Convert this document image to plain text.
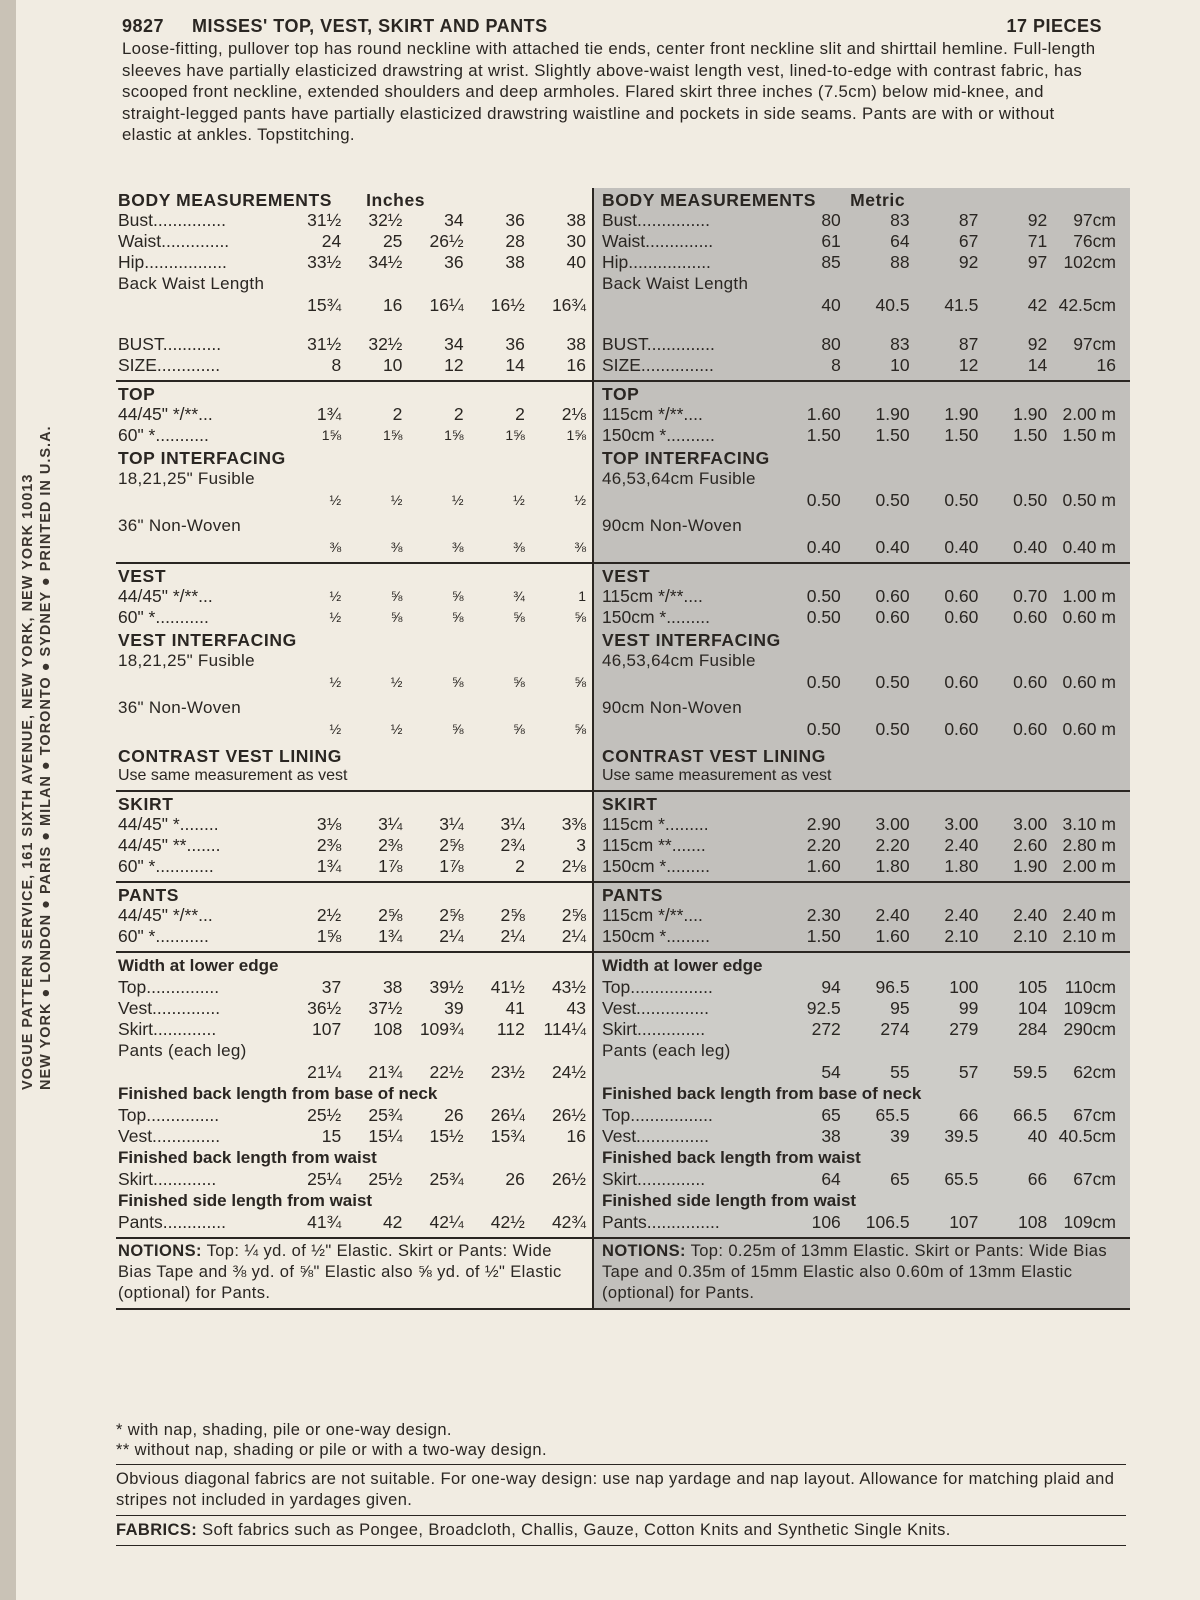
VOGUE PATTERN SERVICE, 161 SIXTH AVENUE, NEW YORK, NEW YORK 10013 NEW YORK ● LONDON ● PARIS ● MILAN ● TORONTO ● SYDNEY ● PRINTED IN U.S.A.
9827 MISSES' TOP, VEST, SKIRT AND PANTS	17 PIECES
Loose-fitting, pullover top has round neckline with attached tie ends, center front neckline slit and shirttail hemline. Full-length sleeves have partially elasticized drawstring at wrist. Slightly above-waist length vest, lined-to-edge with contrast fabric, has scooped front neckline, extended shoulders and deep armholes. Flared skirt three inches (7.5cm) below mid-knee, and straight-legged pants have partially elasticized drawstring waistline and pockets in side seams. Pants are with or without elastic at ankles. Topstitching.
BODY MEASUREMENTS Inches
Bust...............	31½	32½	34	36	38
Waist..............	24	25	26½	28	30
Hip.................	33½	34½	36	38	40
Back Waist Length
15¾	16	16¼	16½	16¾
BUST............	31½	32½	34	36	38
SIZE.............	8	10	12	14	16
BODY MEASUREMENTS Metric
Bust...............	80	83	87	92	97cm
Waist..............	61	64	67	71	76cm
Hip.................	85	88	92	97 102cm
Back Waist Length
40	40.5	41.5	42 42.5cm
BUST..............	80	83	87	92	97cm
SIZE...............	8	10	12	14	16
TOP
44/45" */**...	1¾	2	2	2	2⅛
60" *...........	1⅝	1⅝	1⅝	1⅝	1⅝
TOP INTERFACING
18,21,25" Fusible
½	½	½	½	½
36" Non-Woven
⅜	⅜	⅜	⅜	⅜
TOP
115cm */**....	1.60	1.90	1.90	1.90 2.00 m
150cm *..........	1.50	1.50	1.50	1.50 1.50 m
TOP INTERFACING
46,53,64cm Fusible
0.50	0.50	0.50	0.50 0.50 m
90cm Non-Woven
0.40	0.40	0.40	0.40 0.40 m
VEST
44/45" */**...	½	⅝	⅝	¾	1
60" *...........	½	⅝	⅝	⅝	⅝
VEST INTERFACING
18,21,25" Fusible
½	½	⅝	⅝	⅝
36" Non-Woven
½	½	⅝	⅝	⅝
CONTRAST VEST LINING
Use same measurement as vest
VEST
115cm */**....	0.50	0.60	0.60	0.70 1.00 m
150cm *.........	0.50	0.60	0.60	0.60 0.60 m
VEST INTERFACING
46,53,64cm Fusible
0.50	0.50	0.60	0.60 0.60 m
90cm Non-Woven
0.50	0.50	0.60	0.60 0.60 m
CONTRAST VEST LINING
Use same measurement as vest
SKIRT
44/45" *........	3⅛	3¼	3¼	3¼	3⅜
44/45" **.......	2⅜	2⅜	2⅝	2¾	3
60" *............	1¾	1⅞	1⅞	2	2⅛
SKIRT
115cm *.........	2.90	3.00	3.00	3.00 3.10 m
115cm **.......	2.20	2.20	2.40	2.60 2.80 m
150cm *.........	1.60	1.80	1.80	1.90 2.00 m
PANTS
44/45" */**...	2½	2⅝	2⅝	2⅝	2⅝
60" *...........	1⅝	1¾	2¼	2¼	2¼
PANTS
115cm */**....	2.30	2.40	2.40	2.40 2.40 m
150cm *.........	1.50	1.60	2.10	2.10 2.10 m
Width at lower edge
Top...............	37	38	39½	41½	43½
Vest..............	36½	37½	39	41	43
Skirt.............	107	108 109¾	112	114¼
Pants (each leg)
21¼	21¾	22½	23½	24½
Finished back length from base of neck
Top...............	25½	25¾	26	26¼	26½
Vest..............	15	15¼	15½	15¾	16
Finished back length from waist
Skirt.............	25¼	25½	25¾	26	26½
Finished side length from waist
Pants.............	41¾	42	42¼	42½	42¾
Width at lower edge
Top.................	94	96.5	100	105	110cm
Vest...............	92.5	95	99	104 109cm
Skirt..............	272	274	279	284 290cm
Pants (each leg)
54	55	57	59.5	62cm
Finished back length from base of neck
Top.................	65	65.5	66	66.5	67cm
Vest...............	38	39	39.5	40 40.5cm
Finished back length from waist
Skirt..............	64	65	65.5	66	67cm
Finished side length from waist
Pants...............	106	106.5	107	108 109cm
NOTIONS: Top: ¼ yd. of ½" Elastic. Skirt or Pants: Wide Bias Tape and ⅜ yd. of ⅝" Elastic also ⅝ yd. of ½" Elastic (optional) for Pants.
NOTIONS: Top: 0.25m of 13mm Elastic. Skirt or Pants: Wide Bias Tape and 0.35m of 15mm Elastic also 0.60m of 13mm Elastic (optional) for Pants.
* with nap, shading, pile or one-way design.
** without nap, shading or pile or with a two-way design.
Obvious diagonal fabrics are not suitable. For one-way design: use nap yardage and nap layout. Allowance for matching plaid and stripes not included in yardages given.
FABRICS: Soft fabrics such as Pongee, Broadcloth, Challis, Gauze, Cotton Knits and Synthetic Single Knits.
